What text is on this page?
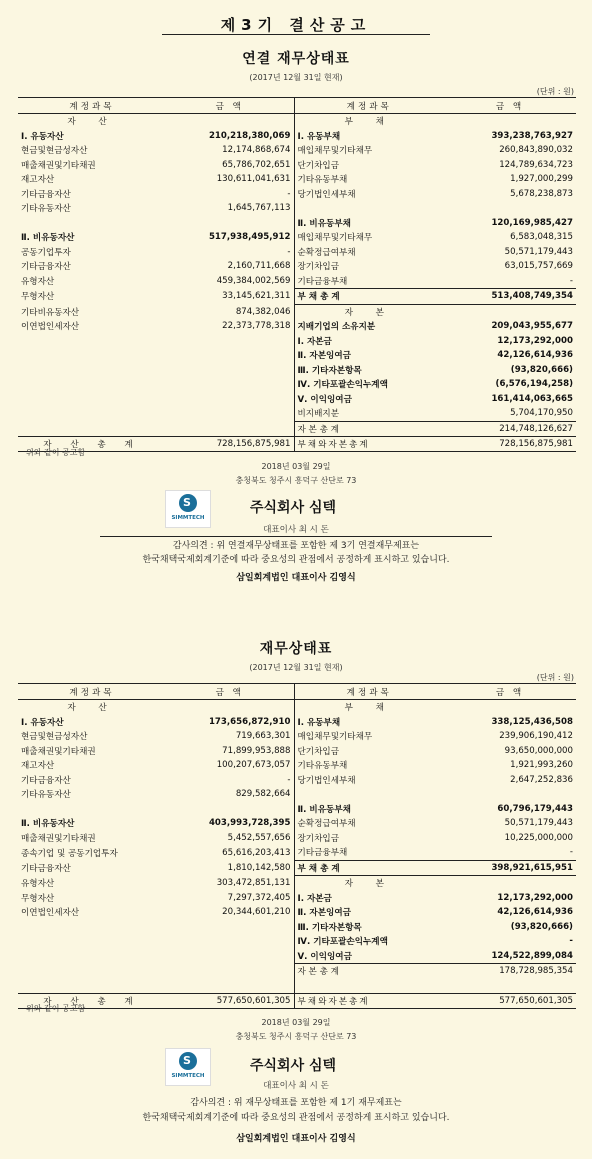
제3기 결산공고
연결 재무상태표
(2017년 12월 31일 현재)
(단위 : 원)
계정과목	금 액	계정과목	금 액
자 산		부 채	
Ⅰ. 유동자산	210,218,380,069	Ⅰ. 유동부채	393,238,763,927
현금및현금성자산	12,174,868,674	매입채무및기타채무	260,843,890,032
매출채권및기타채권	65,786,702,651	단기차입금	124,789,634,723
재고자산	130,611,041,631	기타유동부채	1,927,000,299
기타금융자산	-	당기법인세부채	5,678,238,873
기타유동자산	1,645,767,113		
		Ⅱ. 비유동부채	120,169,985,427
Ⅱ. 비유동자산	517,938,495,912	매입채무및기타채무	6,583,048,315
공동기업투자	-	순확정급여부채	50,571,179,443
기타금융자산	2,160,711,668	장기차입금	63,015,757,669
유형자산	459,384,002,569	기타금융부채	-
무형자산	33,145,621,311	부 채 총 계	513,408,749,354
기타비유동자산	874,382,046	자 본	
이연법인세자산	22,373,778,318	지배기업의 소유지분	209,043,955,677
		Ⅰ. 자본금	12,173,292,000
		Ⅱ. 자본잉여금	42,126,614,936
		Ⅲ. 기타자본항목	(93,820,666)
		Ⅳ. 기타포괄손익누계액	(6,576,194,258)
		Ⅴ. 이익잉여금	161,414,063,665
		비지배지분	5,704,170,950
		자 본 총 계	214,748,126,627
자 산 총 계	728,156,875,981	부채와자본총계	728,156,875,981
위와 같이 공고함
2018년 03월 29일
충청북도 청주시 흥덕구 산단로 73
S
SIMMTECH
주식회사 심텍
대표이사 최 시 돈
감사의견 : 위 연결재무상태표를 포함한 제 3기 연결재무제표는
한국채택국제회계기준에 따라 중요성의 관점에서 공정하게 표시하고 있습니다.
삼일회계법인 대표이사 김영식
재무상태표
(2017년 12월 31일 현재)
(단위 : 원)
계정과목	금 액	계정과목	금 액
자 산		부 채	
Ⅰ. 유동자산	173,656,872,910	Ⅰ. 유동부채	338,125,436,508
현금및현금성자산	719,663,301	매입채무및기타채무	239,906,190,412
매출채권및기타채권	71,899,953,888	단기차입금	93,650,000,000
재고자산	100,207,673,057	기타유동부채	1,921,993,260
기타금융자산	-	당기법인세부채	2,647,252,836
기타유동자산	829,582,664		
		Ⅱ. 비유동부채	60,796,179,443
Ⅱ. 비유동자산	403,993,728,395	순확정급여부채	50,571,179,443
매출채권및기타채권	5,452,557,656	장기차입금	10,225,000,000
종속기업 및 공동기업투자	65,616,203,413	기타금융부채	-
기타금융자산	1,810,142,580	부 채 총 계	398,921,615,951
유형자산	303,472,851,131	자 본	
무형자산	7,297,372,405	Ⅰ. 자본금	12,173,292,000
이연법인세자산	20,344,601,210	Ⅱ. 자본잉여금	42,126,614,936
		Ⅲ. 기타자본항목	(93,820,666)
		Ⅳ. 기타포괄손익누계액	-
		Ⅴ. 이익잉여금	124,522,899,084
		자 본 총 계	178,728,985,354

자 산 총 계	577,650,601,305	부채와자본총계	577,650,601,305
위와 같이 공고함
2018년 03월 29일
충청북도 청주시 흥덕구 산단로 73
S
SIMMTECH
주식회사 심텍
대표이사 최 시 돈
감사의견 : 위 재무상태표를 포함한 제 1기 재무제표는
한국채택국제회계기준에 따라 중요성의 관점에서 공정하게 표시하고 있습니다.
삼일회계법인 대표이사 김영식
